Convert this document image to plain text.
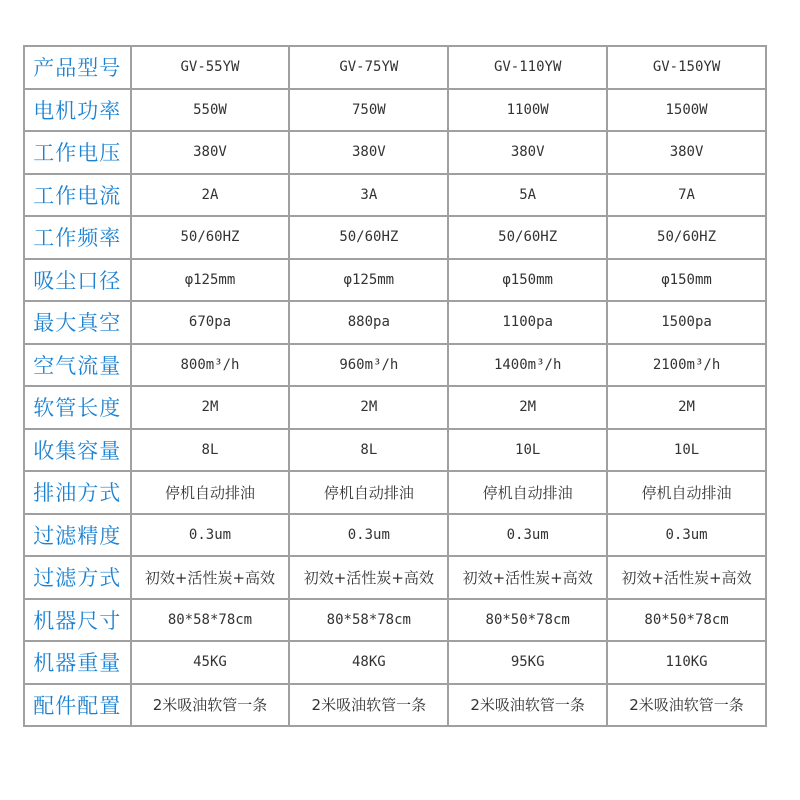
产品型号	GV-55YW	GV-75YW	GV-110YW	GV-150YW
电机功率	550W	750W	1100W	1500W
工作电压	380V	380V	380V	380V
工作电流	2A	3A	5A	7A
工作频率	50/60HZ	50/60HZ	50/60HZ	50/60HZ
吸尘口径	φ125mm	φ125mm	φ150mm	φ150mm
最大真空	670pa	880pa	1100pa	1500pa
空气流量	800m³/h	960m³/h	1400m³/h	2100m³/h
软管长度	2M	2M	2M	2M
收集容量	8L	8L	10L	10L
排油方式	停机自动排油	停机自动排油	停机自动排油	停机自动排油
过滤精度	0.3um	0.3um	0.3um	0.3um
过滤方式	初效+活性炭+高效	初效+活性炭+高效	初效+活性炭+高效	初效+活性炭+高效
机器尺寸	80*58*78cm	80*58*78cm	80*50*78cm	80*50*78cm
机器重量	45KG	48KG	95KG	110KG
配件配置	2米吸油软管一条	2米吸油软管一条	2米吸油软管一条	2米吸油软管一条
